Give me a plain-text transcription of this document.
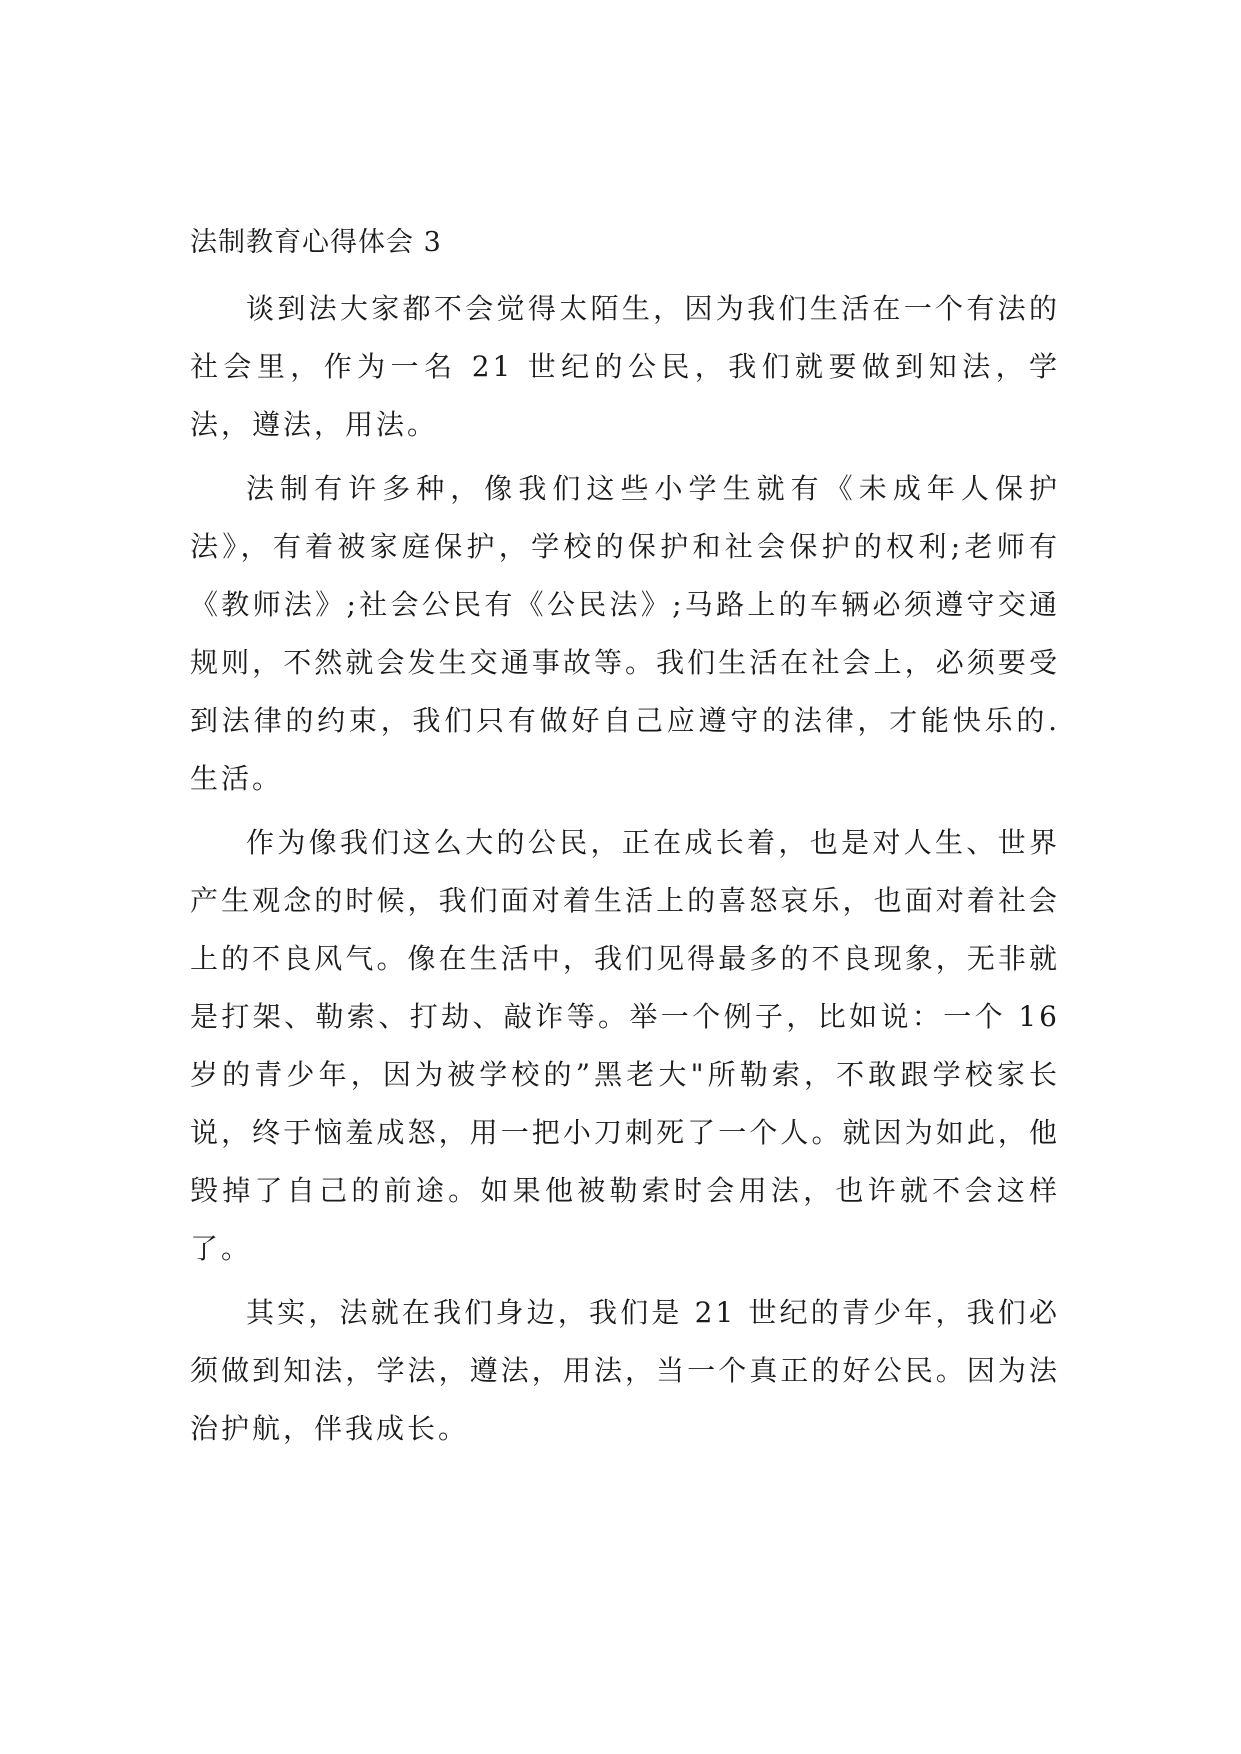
法制教育心得体会 3

谈到法大家都不会觉得太陌生，因为我们生活在一个有法的社会里，作为一名 21 世纪的公民，我们就要做到知法，学法，遵法，用法。

法制有许多种，像我们这些小学生就有《未成年人保护法》，有着被家庭保护，学校的保护和社会保护的权利;老师有《教师法》;社会公民有《公民法》;马路上的车辆必须遵守交通规则，不然就会发生交通事故等。我们生活在社会上，必须要受到法律的约束，我们只有做好自己应遵守的法律，才能快乐的. 生活。

作为像我们这么大的公民，正在成长着，也是对人生、世界产生观念的时候，我们面对着生活上的喜怒哀乐，也面对着社会上的不良风气。像在生活中，我们见得最多的不良现象，无非就是打架、勒索、打劫、敲诈等。举一个例子，比如说：一个 16 岁的青少年，因为被学校的”黑老大"所勒索，不敢跟学校家长说，终于恼羞成怒，用一把小刀刺死了一个人。就因为如此，他毁掉了自己的前途。如果他被勒索时会用法，也许就不会这样了。

其实，法就在我们身边，我们是 21 世纪的青少年，我们必须做到知法，学法，遵法，用法，当一个真正的好公民。因为法治护航，伴我成长。
